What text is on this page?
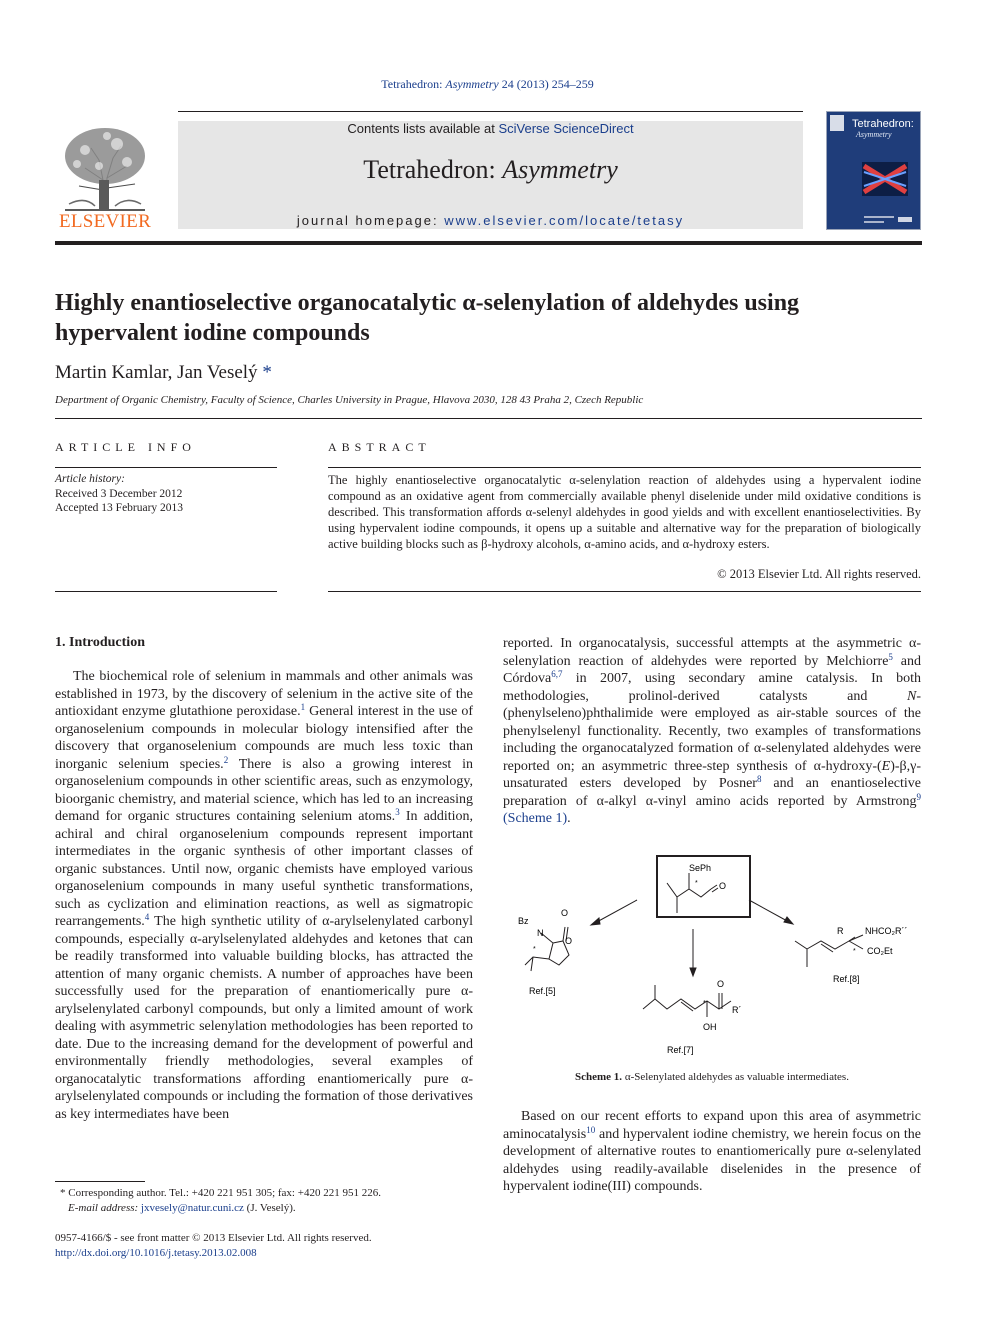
Tetrahedron: Asymmetry 24 (2013) 254–259
Contents lists available at SciVerse ScienceDirect
Tetrahedron: Asymmetry
journal homepage: www.elsevier.com/locate/tetasy
ELSEVIER
Tetrahedron:
Asymmetry
Highly enantioselective organocatalytic α-selenylation of aldehydes using hypervalent iodine compounds
Martin Kamlar, Jan Veselý *
Department of Organic Chemistry, Faculty of Science, Charles University in Prague, Hlavova 2030, 128 43 Praha 2, Czech Republic
ARTICLE INFO
Article history:
Received 3 December 2012
Accepted 13 February 2013
ABSTRACT
The highly enantioselective organocatalytic α-selenylation reaction of aldehydes using a hypervalent iodine compound as an oxidative agent from commercially available phenyl diselenide under mild oxidative conditions is described. This transformation affords α-selenyl aldehydes in good yields and with excellent enantioselectivities. By using hypervalent iodine compounds, it opens up a suitable and alternative way for the preparation of biologically active building blocks such as β-hydroxy alcohols, α-amino acids, and α-hydroxy esters.
© 2013 Elsevier Ltd. All rights reserved.
1. Introduction

The biochemical role of selenium in mammals and other animals was established in 1973, by the discovery of selenium in the active site of the antioxidant enzyme glutathione peroxidase.$^1$ General interest in the use of organoselenium compounds in molecular biology intensified after the discovery that organoselenium compounds are much less toxic than inorganic selenium species.$^2$ There is also a growing interest in organoselenium compounds in other scientific areas, such as enzymology, bioorganic chemistry, and material science, which has led to an increasing demand for organic structures containing selenium atoms.$^3$ In addition, achiral and chiral organoselenium compounds represent important intermediates in the organic synthesis of other important classes of organic substances. Until now, organic chemists have employed various organoselenium compounds in many useful synthetic transformations, such as cyclization and elimination reactions, as well as sigmatropic rearrangements.$^4$ The high synthetic utility of α-arylselenylated carbonyl compounds, especially α-arylselenylated aldehydes and ketones that can be readily transformed into valuable building blocks, has attracted the attention of many organic chemists. A number of approaches have been successfully used for the preparation of enantiomerically pure α-arylselenylated carbonyl compounds, but only a limited amount of work dealing with asymmetric selenylation methodologies has been reported to date. Due to the increasing demand for the development of powerful and environmentally friendly methodologies, several examples of organocatalytic transformations affording enantiomerically pure α-arylselenylated compounds or including the formation of those derivatives as key intermediates have been

reported. In organocatalysis, successful attempts at the asymmetric α-selenylation reaction of aldehydes were reported by Melchiorre$^5$ and Córdova$^{6,7}$ in 2007, using secondary amine catalysis. In both methodologies, prolinol-derived catalysts and N-(phenylseleno)phthalimide were employed as air-stable sources of the phenylselenyl functionality. Recently, two examples of transformations including the organocatalyzed formation of α-selenylated aldehydes were reported on; an asymmetric three-step synthesis of α-hydroxy-(E)-β,γ-unsaturated esters developed by Posner$^8$ and an enantioselective preparation of α-alkyl α-vinyl amino acids reported by Armstrong$^9$ (Scheme 1).

SePh
* O
Bz
N
O
O
*
Ref.[5]
O
R´
OH
*
Ref.[7]
R NHCO₂R´´
CO₂Et
*
Ref.[8]
Scheme 1. α-Selenylated aldehydes as valuable intermediates.

Based on our recent efforts to expand upon this area of asymmetric aminocatalysis$^{10}$ and hypervalent iodine chemistry, we herein focus on the development of alternative routes to enantiomerically pure α-selenylated aldehydes using readily-available diselenides in the presence of hypervalent iodine(III) compounds.

* Corresponding author. Tel.: +420 221 951 305; fax: +420 221 951 226.
E-mail address: jxvesely@natur.cuni.cz (J. Veselý).
0957-4166/$ - see front matter © 2013 Elsevier Ltd. All rights reserved.
http://dx.doi.org/10.1016/j.tetasy.2013.02.008
